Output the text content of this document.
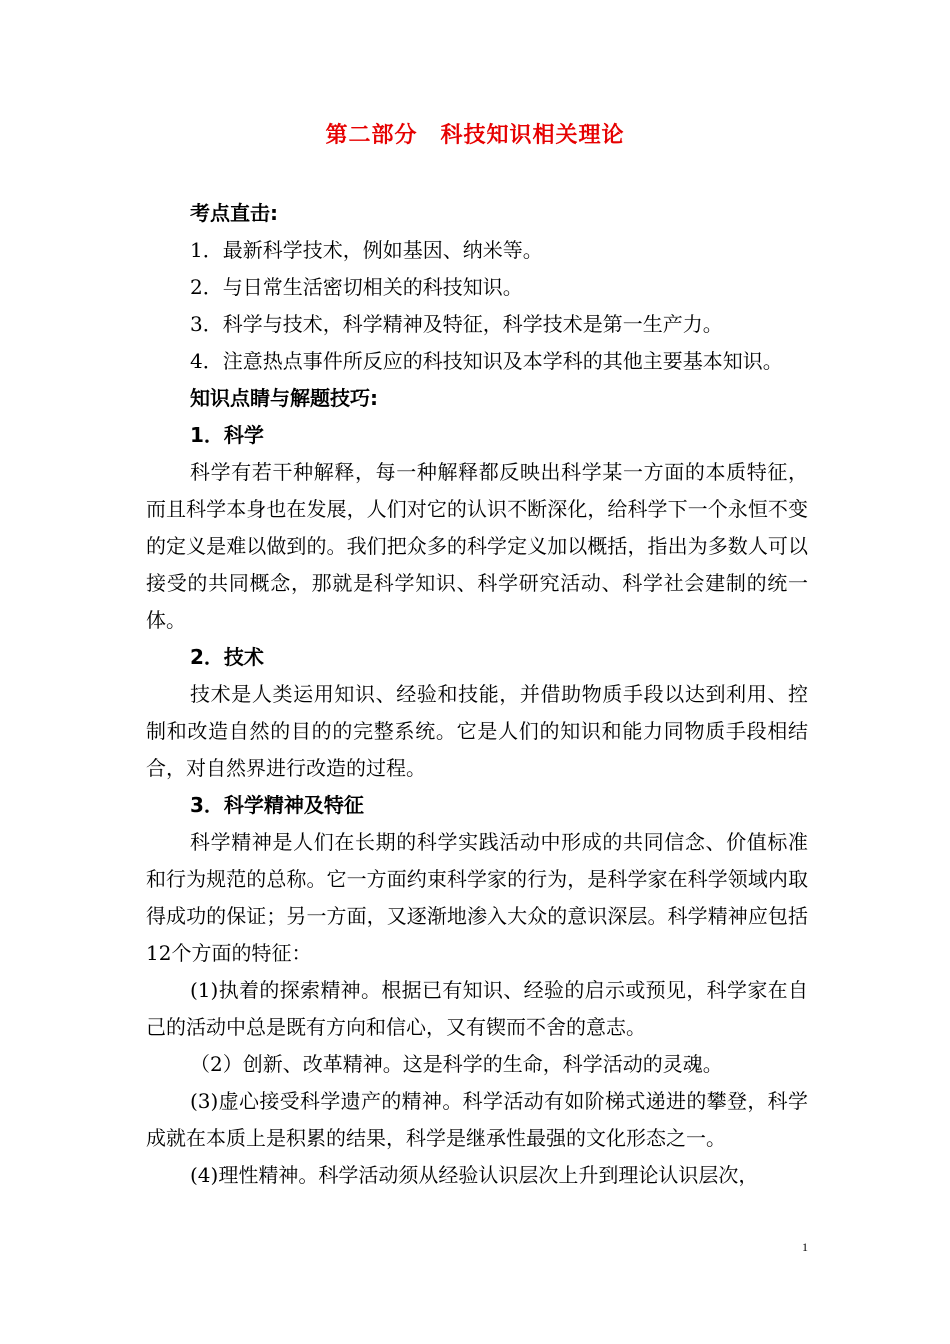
第二部分　科技知识相关理论

考点直击:

1．最新科学技术，例如基因、纳米等。

2．与日常生活密切相关的科技知识。

3．科学与技术，科学精神及特征，科学技术是第一生产力。

4．注意热点事件所反应的科技知识及本学科的其他主要基本知识。

知识点睛与解题技巧:

1．科学

科学有若干种解释，每一种解释都反映出科学某一方面的本质特征，而且科学本身也在发展，人们对它的认识不断深化，给科学下一个永恒不变的定义是难以做到的。我们把众多的科学定义加以概括，指出为多数人可以接受的共同概念，那就是科学知识、科学研究活动、科学社会建制的统一体。

2．技术

技术是人类运用知识、经验和技能，并借助物质手段以达到利用、控制和改造自然的目的的完整系统。它是人们的知识和能力同物质手段相结合，对自然界进行改造的过程。

3．科学精神及特征

科学精神是人们在长期的科学实践活动中形成的共同信念、价值标准和行为规范的总称。它一方面约束科学家的行为，是科学家在科学领域内取得成功的保证；另一方面，又逐渐地渗入大众的意识深层。科学精神应包括12个方面的特征：

(1)执着的探索精神。根据已有知识、经验的启示或预见，科学家在自己的活动中总是既有方向和信心，又有锲而不舍的意志。

（2）创新、改革精神。这是科学的生命，科学活动的灵魂。

(3)虚心接受科学遗产的精神。科学活动有如阶梯式递进的攀登，科学成就在本质上是积累的结果，科学是继承性最强的文化形态之一。

(4)理性精神。科学活动须从经验认识层次上升到理论认识层次，

1
